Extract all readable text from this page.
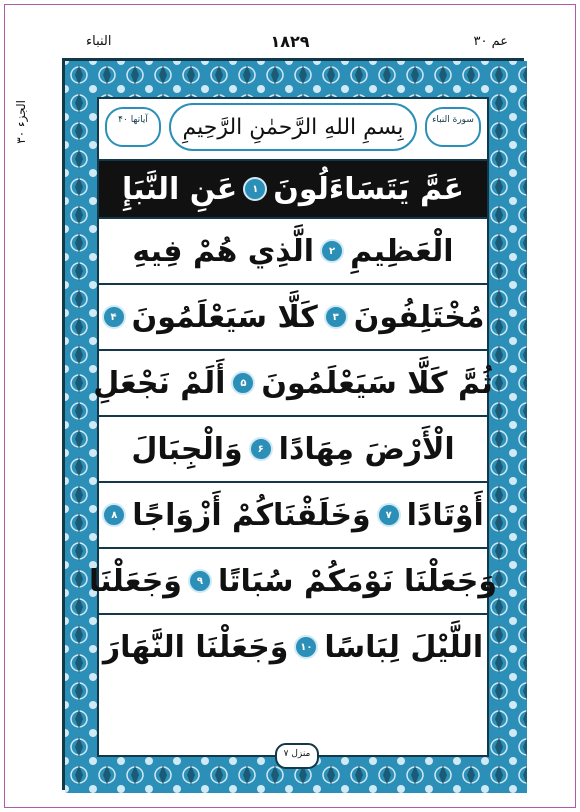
النباء	۱۸۲۹	عم ۳۰
الجزء ۳۰	آياتها ۴۰	بِسمِ اللهِ الرَّحمٰنِ الرَّحِيمِ	سورة النباء
عَمَّ يَتَسَاءَلُونَ
۱
عَنِ النَّبَإِ
الْعَظِيمِ
۲
الَّذِي هُمْ فِيهِ
مُخْتَلِفُونَ
۳
كَلَّا سَيَعْلَمُونَ
۴
ثُمَّ كَلَّا سَيَعْلَمُونَ
۵
أَلَمْ نَجْعَلِ
الْأَرْضَ مِهَادًا
۶
وَالْجِبَالَ
أَوْتَادًا
۷
وَخَلَقْنَاكُمْ أَزْوَاجًا
۸
وَجَعَلْنَا نَوْمَكُمْ سُبَاتًا
۹
وَجَعَلْنَا
اللَّيْلَ لِبَاسًا
۱۰
وَجَعَلْنَا النَّهَارَ
منزل ۷
